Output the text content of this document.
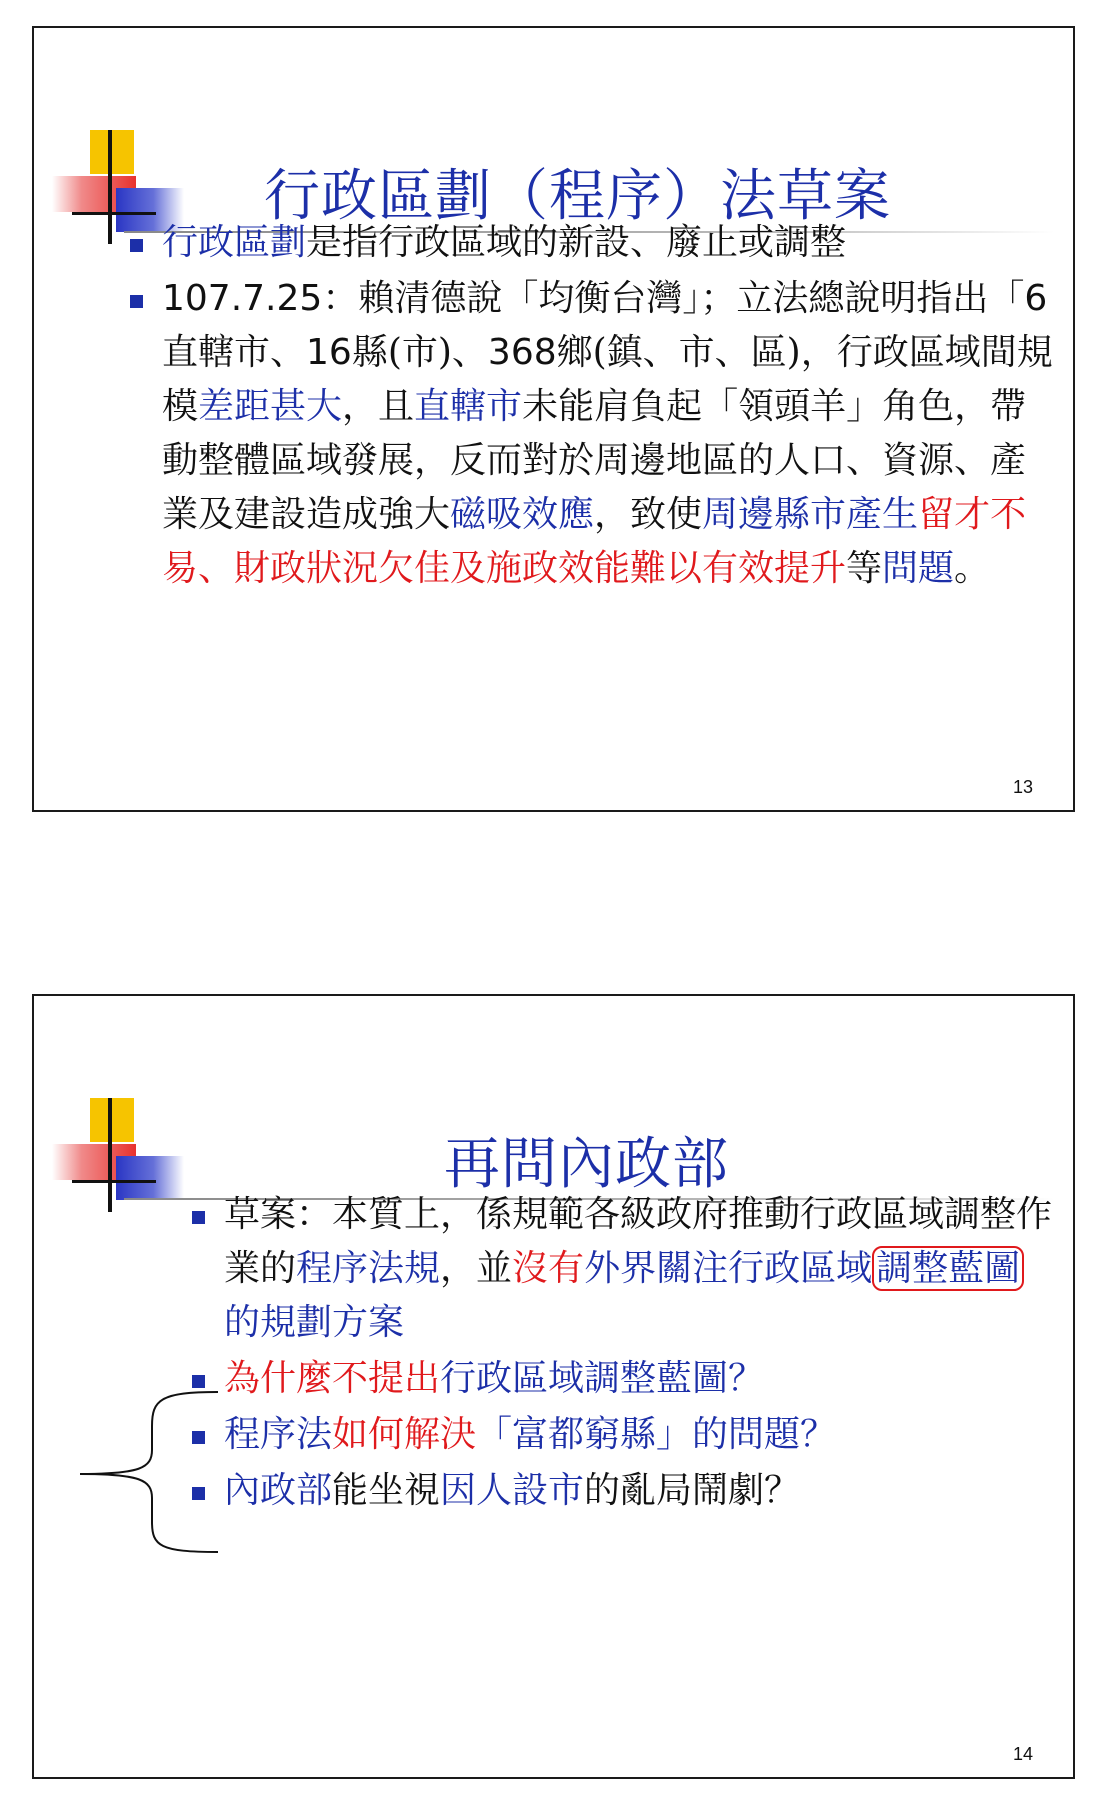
行政區劃（程序）法草案
行政區劃是指行政區域的新設、廢止或調整
107.7.25：賴清德說「均衡台灣」；立法總說明指出「6直轄市、16縣(市)、368鄉(鎮、市、區)，行政區域間規模差距甚大，且直轄市未能肩負起「領頭羊」角色，帶動整體區域發展，反而對於周邊地區的人口、資源、產業及建設造成強大磁吸效應，致使周邊縣市產生留才不易、財政狀況欠佳及施政效能難以有效提升等問題。
13
再問內政部
草案：本質上，係規範各級政府推動行政區域調整作業的程序法規，並沒有外界關注行政區域 調整藍圖的規劃方案
為什麼不提出行政區域調整藍圖？
程序法如何解決「富都窮縣」的問題？
內政部能坐視因人設市的亂局鬧劇？
14
